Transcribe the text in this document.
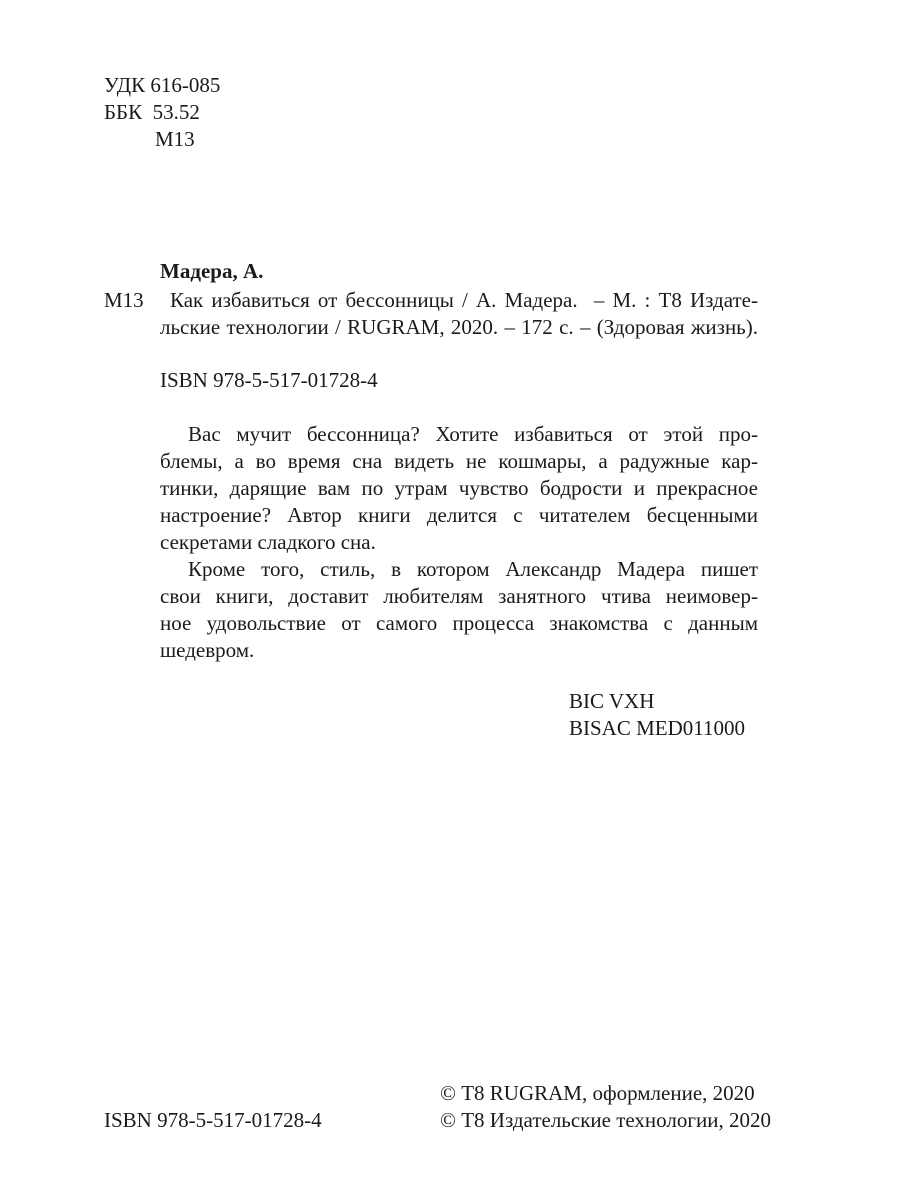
УДК 616-085
ББК  53.52
М13
Мадера, А.
М13 Как избавиться от бессонницы / А. Мадера.  – М. : Т8 Издате-
льские технологии / RUGRAM, 2020. – 172 с. – (Здоровая жизнь).
ISBN 978-5-517-01728-4
Вас мучит бессонница? Хотите избавиться от этой про-
блемы, а во время сна видеть не кошмары, а радужные кар-
тинки, дарящие вам по утрам чувство бодрости и прекрасное
настроение? Автор книги делится с читателем бесценными
секретами сладкого сна.
Кроме того, стиль, в котором Александр Мадера пишет
свои книги, доставит любителям занятного чтива неимовер-
ное удовольствие от самого процесса знакомства с данным
шедевром.
BIC VXH
BISAC MED011000
ISBN 978-5-517-01728-4
© Т8 RUGRAM, оформление, 2020
© Т8 Издательские технологии, 2020
